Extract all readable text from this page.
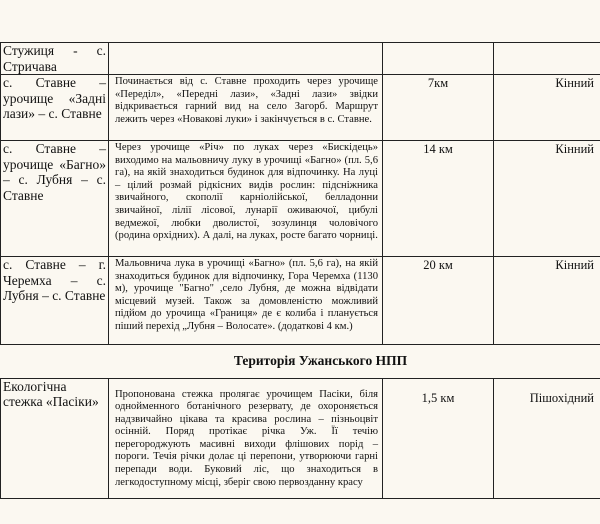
Стужиця - с. Стричава			
с. Ставне – урочище «Задні лази» – с. Ставне	Починається від с. Ставне проходить через урочище «Переділ», «Передні лази», «Задні лази» звідки відкривається гарний вид на село Загорб. Маршрут лежить через «Новакові луки» і закінчується в с. Ставне.	7км	Кінний
с. Ставне – урочище «Багно» – с. Лубня – с. Ставне	Через урочище «Річ» по луках через «Бискідець» виходимо на мальовничу луку в урочищі «Багно» (пл. 5,6 га), на якій знаходиться будинок для відпочинку. На луці – цілий розмай рідкісних видів рослин: підсніжника звичайного, скополії карніолійської, белладонни звичайної, лілії лісової, лунарії оживаючої, цибулі ведмежої, любки дволистої, зозулинця чоловічого (родина орхідних). А далі, на луках, росте багато чорниці.	14 км	Кінний
с. Ставне – г. Черемха – с. Лубня – с. Ставне	Мальовнича лука в урочищі «Багно» (пл. 5,6 га), на якій знаходиться будинок для відпочинку, Гора Черемха (1130 м), урочище "Багно" ,село Лубня, де можна відвідати місцевий музей. Також за домовленістю можливий підйом до урочища «Границя» де є колиба і планується піший перехід „Лубня – Волосате». (додаткові 4 км.)	20 км	Кінний
Територія Ужанського НПП			
Екологічна стежка «Пасіки»	Пропонована стежка пролягає урочищем Пасіки, біля однойменного ботанічного резервату, де охороняється надзвичайно цікава та красива рослина – пізньоцвіт осінній. Поряд протікає річка Уж. Її течію перегороджують масивні виходи флішових порід – пороги. Течія річки долає ці перепони, утворюючи гарні перепади води. Буковий ліс, що знаходиться в легкодоступному місці, зберіг свою первозданну красу	1,5 км	Пішохідний
